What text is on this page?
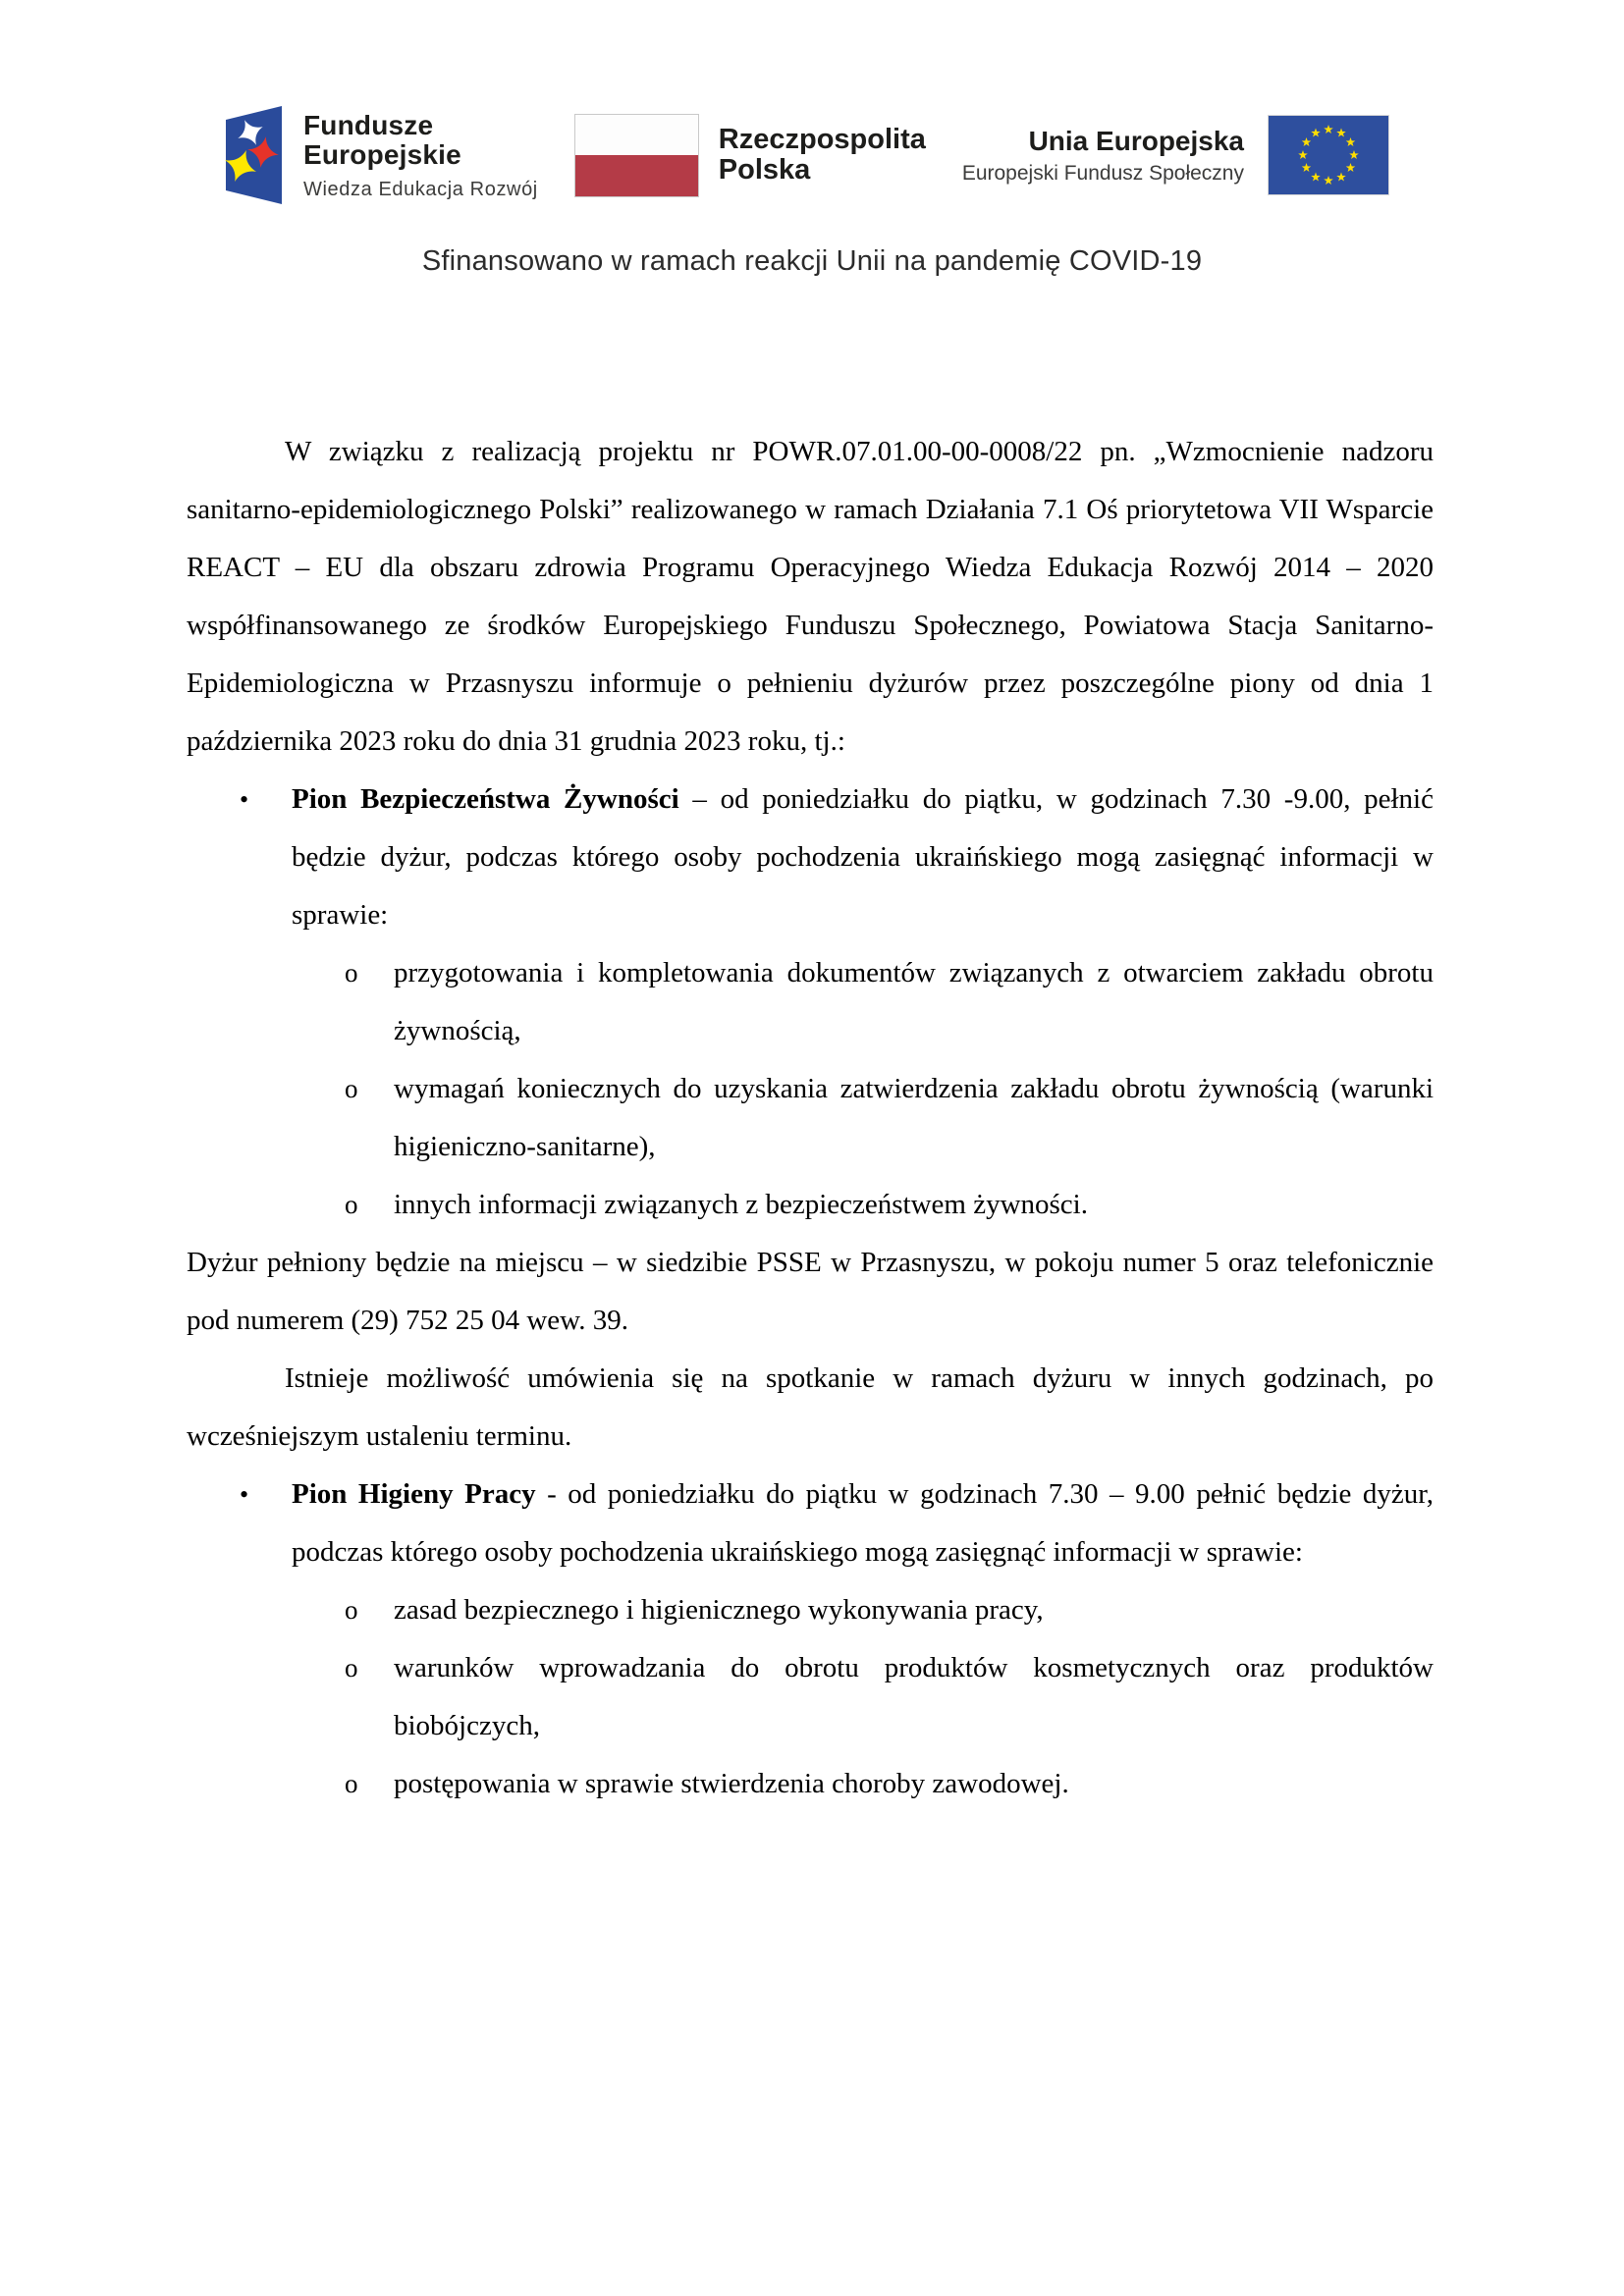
Fundusze
Europejskie
Wiedza Edukacja Rozwój
Rzeczpospolita
Polska
Unia Europejska
Europejski Fundusz Społeczny
Sfinansowano w ramach reakcji Unii na pandemię COVID-19

W związku z realizacją projektu nr POWR.07.01.00-00-0008/22 pn. „Wzmocnienie nadzoru sanitarno-epidemiologicznego Polski” realizowanego w ramach Działania 7.1 Oś priorytetowa VII Wsparcie REACT – EU dla obszaru zdrowia Programu Operacyjnego Wiedza Edukacja Rozwój 2014 – 2020 współfinansowanego ze środków Europejskiego Funduszu Społecznego, Powiatowa Stacja Sanitarno-Epidemiologiczna w Przasnyszu informuje o pełnieniu dyżurów przez poszczególne piony od dnia 1 października 2023 roku do dnia 31 grudnia 2023 roku, tj.:

• Pion Bezpieczeństwa Żywności – od poniedziałku do piątku, w godzinach 7.30 -9.00, pełnić będzie dyżur, podczas którego osoby pochodzenia ukraińskiego mogą zasięgnąć informacji w sprawie:
o przygotowania i kompletowania dokumentów związanych z otwarciem zakładu obrotu żywnością,
o wymagań koniecznych do uzyskania zatwierdzenia zakładu obrotu żywnością (warunki higieniczno-sanitarne),
o innych informacji związanych z bezpieczeństwem żywności.

Dyżur pełniony będzie na miejscu – w siedzibie PSSE w Przasnyszu, w pokoju numer 5 oraz telefonicznie pod numerem (29) 752 25 04 wew. 39.

Istnieje możliwość umówienia się na spotkanie w ramach dyżuru w innych godzinach, po wcześniejszym ustaleniu terminu.

• Pion Higieny Pracy - od poniedziałku do piątku w godzinach 7.30 – 9.00 pełnić będzie dyżur, podczas którego osoby pochodzenia ukraińskiego mogą zasięgnąć informacji w sprawie:
o zasad bezpiecznego i higienicznego wykonywania pracy,
o warunków wprowadzania do obrotu produktów kosmetycznych oraz produktów biobójczych,
o postępowania w sprawie stwierdzenia choroby zawodowej.
